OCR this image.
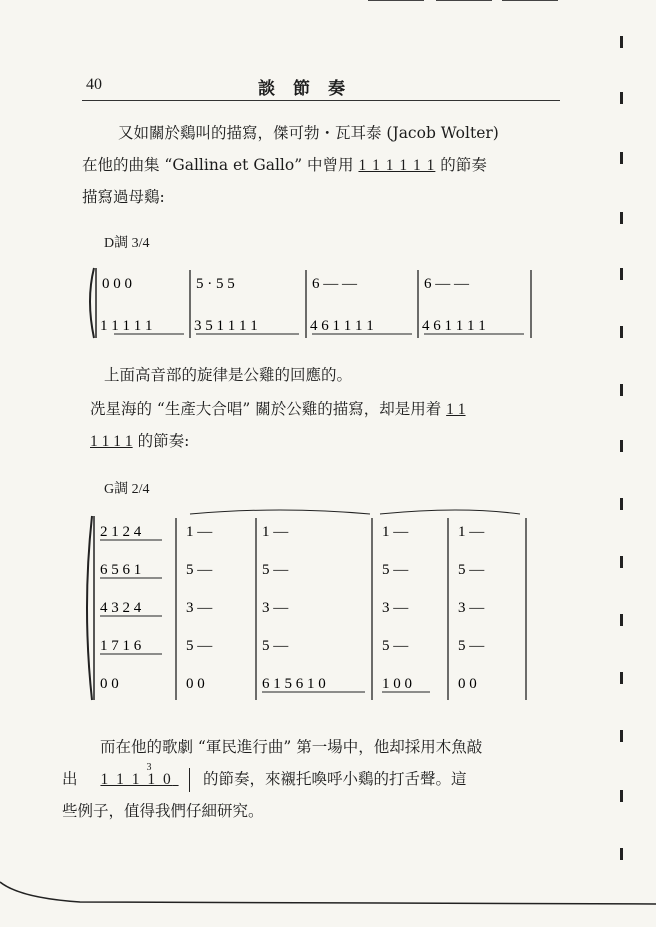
40	談節奏
又如關於鷄叫的描寫，傑可勃・瓦耳泰 (Jacob Wolter)
在他的曲集 “Gallina et Gallo” 中曾用 1 1 1 1 1 1 的節奏
描寫過母鷄:
D調 3/4
0 0 0	5 · 5 5	6 — —	6 — —
1 1 1 1 1	3 5 1 1 1 1	4 6 1 1 1 1	4 6 1 1 1 1
上面高音部的旋律是公雞的回應的。
冼星海的 “生產大合唱” 關於公雞的描寫，却是用着 1 1
1 1 1 1 的節奏:
G調 2/4
2 1 2 4	1 —	1 —	1 —	1 —
6 5 6 1	5 —	5 —	5 —	5 —
4 3 2 4	3 —	3 —	3 —	3 —
1 7 1 6	5 —	5 —	5 —	5 —
0 0	0 0	6 1 5 6 1 0	1 0 0	0 0
而在他的歌劇 “軍民進行曲” 第一場中，他却採用木魚敲
出
3
1 1 1 1 0 的節奏，來襯托喚呼小鷄的打舌聲。這
些例子，值得我們仔細研究。
